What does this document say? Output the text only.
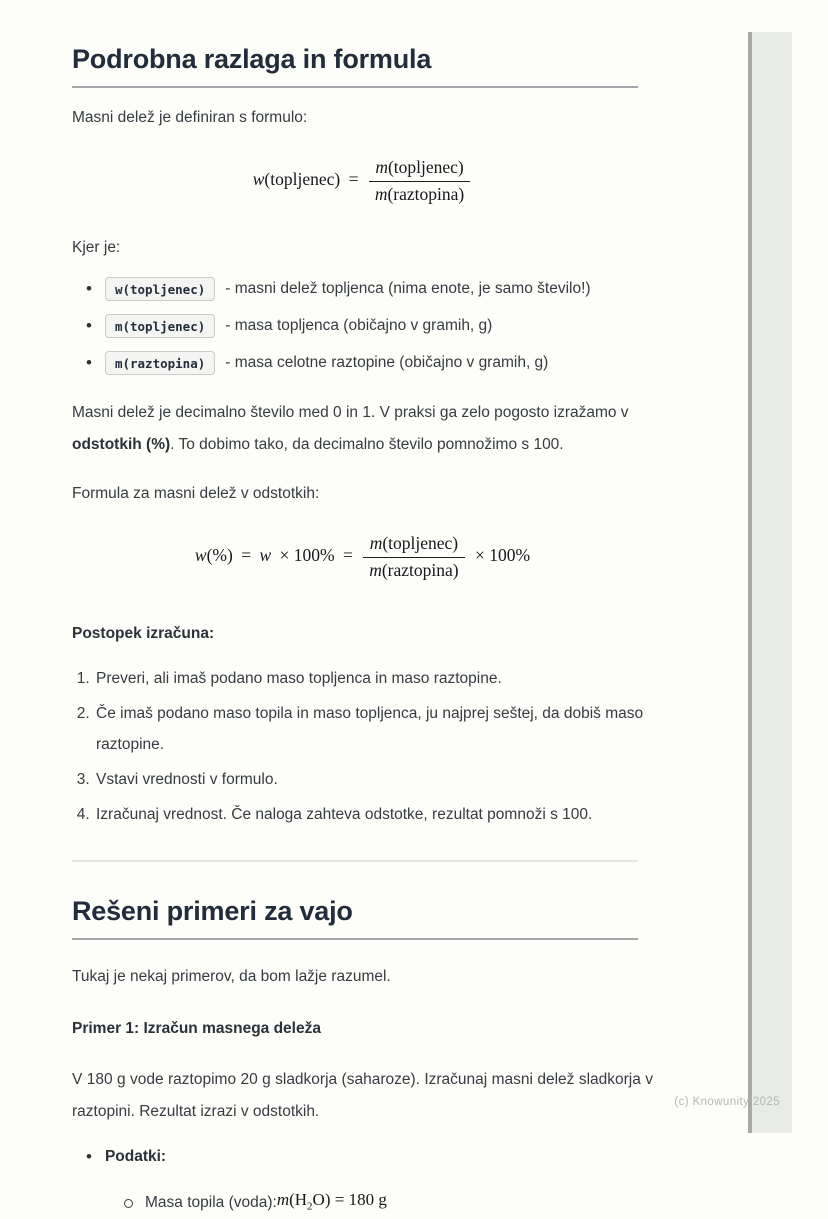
Podrobna razlaga in formula

Masni delež je definiran s formulo:

w(topljenec) = $\frac{\text{m(topljenec)}}{\text{m(raztopina)}}$

Kjer je:

• w(topljenec)	- masni delež topljenca (nima enote, je samo število!)
• m(topljenec)	- masa topljenca (običajno v gramih, g)
• m(raztopina)	- masa celotne raztopine (običajno v gramih, g)

Masni delež je decimalno število med 0 in 1. V praksi ga zelo pogosto izražamo v odstotkih (%). To dobimo tako, da decimalno število pomnožimo s 100.

Formula za masni delež v odstotkih:

$w(\%) = w \times 100\% = \frac{\text{m(topljenec)}}{\text{m(raztopina)}} \times 100\%$

Postopek izračuna:

1. Preveri, ali imaš podano maso topljenca in maso raztopine.
2. Če imaš podano maso topila in maso topljenca, ju najprej seštej, da dobiš maso raztopine.
3. Vstavi vrednosti v formulo.
4. Izračunaj vrednost. Če naloga zahteva odstotke, rezultat pomnoži s 100.
Rešeni primeri za vajo

Tukaj je nekaj primerov, da bom lažje razumel.

Primer 1: Izračun masnega deleža

V 180 g vode raztopimo 20 g sladkorja (saharoze). Izračunaj masni delež sladkorja v raztopini. Rezultat izrazi v odstotkih.

• Podatki:
Masa topila (voda): $m(H_2O) = 180$ g
(c) Knowunity 2025
